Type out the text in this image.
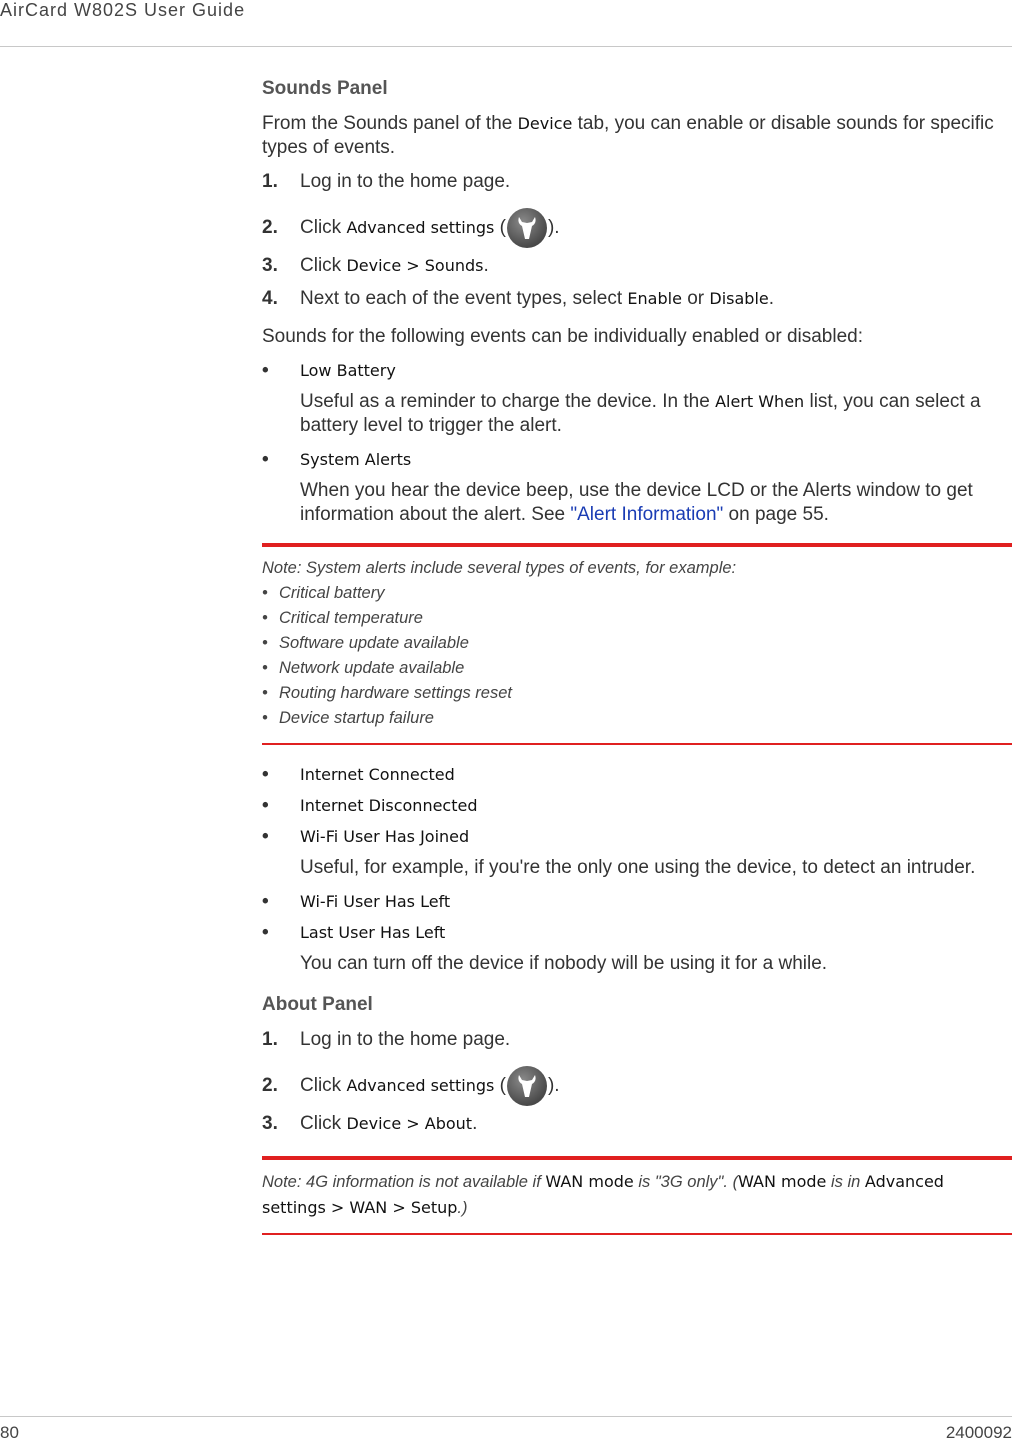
AirCard W802S User Guide
Sounds Panel

From the Sounds panel of the Device tab, you can enable or disable sounds for specific types of events.

1.	Log in to the home page.
2.	Click Advanced settings ( ).
3.	Click Device > Sounds.
4.	Next to each of the event types, select Enable or Disable.

Sounds for the following events can be individually enabled or disabled:

•	Low Battery

Useful as a reminder to charge the device. In the Alert When list, you can select a battery level to trigger the alert.

•	System Alerts

When you hear the device beep, use the device LCD or the Alerts window to get information about the alert. See "Alert Information" on page 55.

Note: System alerts include several types of events, for example:
• Critical battery
• Critical temperature
• Software update available
• Network update available
• Routing hardware settings reset
• Device startup failure
•	Internet Connected
•	Internet Disconnected
•	Wi-Fi User Has Joined

Useful, for example, if you're the only one using the device, to detect an intruder.

•	Wi-Fi User Has Left
•	Last User Has Left

You can turn off the device if nobody will be using it for a while.

About Panel
1.	Log in to the home page.
2.	Click Advanced settings ( ).
3.	Click Device > About.
Note: 4G information is not available if WAN mode is "3G only". (WAN mode is in Advanced settings > WAN > Setup.)
80	2400092
